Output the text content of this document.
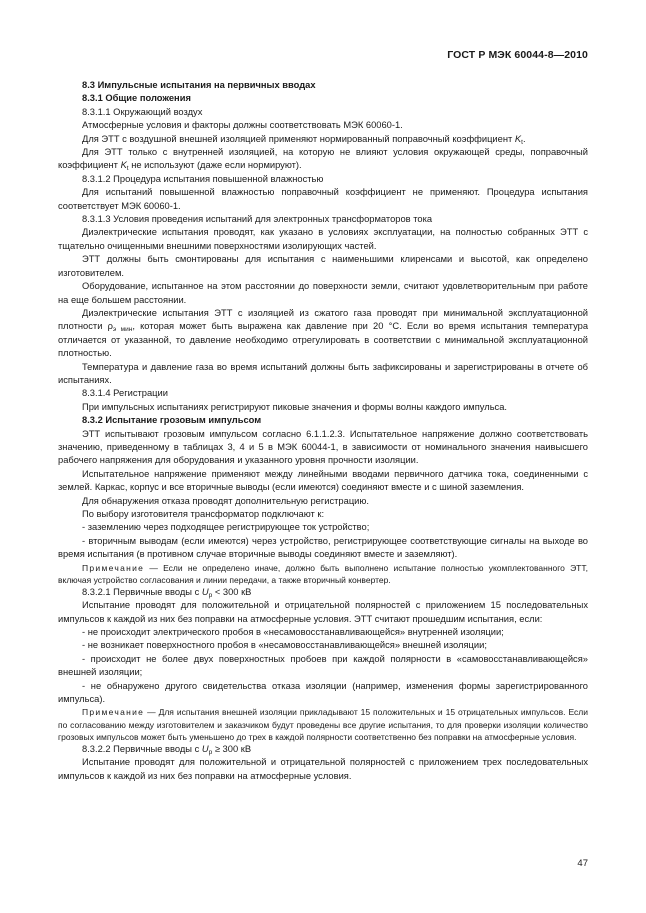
ГОСТ Р МЭК 60044-8—2010

8.3 Импульсные испытания на первичных вводах

8.3.1 Общие положения

8.3.1.1 Окружающий воздух

Атмосферные условия и факторы должны соответствовать МЭК 60060-1.

Для ЭТТ с воздушной внешней изоляцией применяют нормированный поправочный коэффициент $K_t$.

Для ЭТТ только с внутренней изоляцией, на которую не влияют условия окружающей среды, поправочный коэффициент $K_t$ не используют (даже если нормируют).

8.3.1.2 Процедура испытания повышенной влажностью

Для испытаний повышенной влажностью поправочный коэффициент не применяют. Процедура испытания соответствует МЭК 60060-1.

8.3.1.3 Условия проведения испытаний для электронных трансформаторов тока

Диэлектрические испытания проводят, как указано в условиях эксплуатации, на полностью собранных ЭТТ с тщательно очищенными внешними поверхностями изолирующих частей.

ЭТТ должны быть смонтированы для испытания с наименьшими клиренсами и высотой, как определено изготовителем.

Оборудование, испытанное на этом расстоянии до поверхности земли, считают удовлетворительным при работе на еще большем расстоянии.

Диэлектрические испытания ЭТТ с изоляцией из сжатого газа проводят при минимальной эксплуатационной плотности $\rho_{э мин}$, которая может быть выражена как давление при 20 °С. Если во время испытания температура отличается от указанной, то давление необходимо отрегулировать в соответствии с минимальной эксплуатационной плотностью.

Температура и давление газа во время испытаний должны быть зафиксированы и зарегистрированы в отчете об испытаниях.

8.3.1.4 Регистрации

При импульсных испытаниях регистрируют пиковые значения и формы волны каждого импульса.

8.3.2 Испытание грозовым импульсом

ЭТТ испытывают грозовым импульсом согласно 6.1.1.2.3. Испытательное напряжение должно соответствовать значению, приведенному в таблицах 3, 4 и 5 в МЭК 60044-1, в зависимости от номинального значения наивысшего рабочего напряжения для оборудования и указанного уровня прочности изоляции.

Испытательное напряжение применяют между линейными вводами первичного датчика тока, соединенными с землей. Каркас, корпус и все вторичные выводы (если имеются) соединяют вместе и с шиной заземления.

Для обнаружения отказа проводят дополнительную регистрацию.

По выбору изготовителя трансформатор подключают к:

- заземлению через подходящее регистрирующее ток устройство;

- вторичным выводам (если имеются) через устройство, регистрирующее соответствующие сигналы на выходе во время испытания (в противном случае вторичные выводы соединяют вместе и заземляют).

Примечание — Если не определено иначе, должно быть выполнено испытание полностью укомплектованного ЭТТ, включая устройство согласования и линии передачи, а также вторичный конвертер.

8.3.2.1 Первичные вводы с $U_p < 300$ кВ

Испытание проводят для положительной и отрицательной полярностей с приложением 15 последовательных импульсов к каждой из них без поправки на атмосферные условия. ЭТТ считают прошедшим испытания, если:

- не происходит электрического пробоя в «несамовосстанавливающейся» внутренней изоляции;

- не возникает поверхностного пробоя в «несамовосстанавливающейся» внешней изоляции;

- происходит не более двух поверхностных пробоев при каждой полярности в «самовосстанавливающейся» внешней изоляции;

- не обнаружено другого свидетельства отказа изоляции (например, изменения формы зарегистрированного импульса).

Примечание — Для испытания внешней изоляции прикладывают 15 положительных и 15 отрицательных импульсов. Если по согласованию между изготовителем и заказчиком будут проведены все другие испытания, то для проверки изоляции количество грозовых импульсов может быть уменьшено до трех в каждой полярности соответственно без поправки на атмосферные условия.

8.3.2.2 Первичные вводы с $U_p \ge 300$ кВ

Испытание проводят для положительной и отрицательной полярностей с приложением трех последовательных импульсов к каждой из них без поправки на атмосферные условия.

47
